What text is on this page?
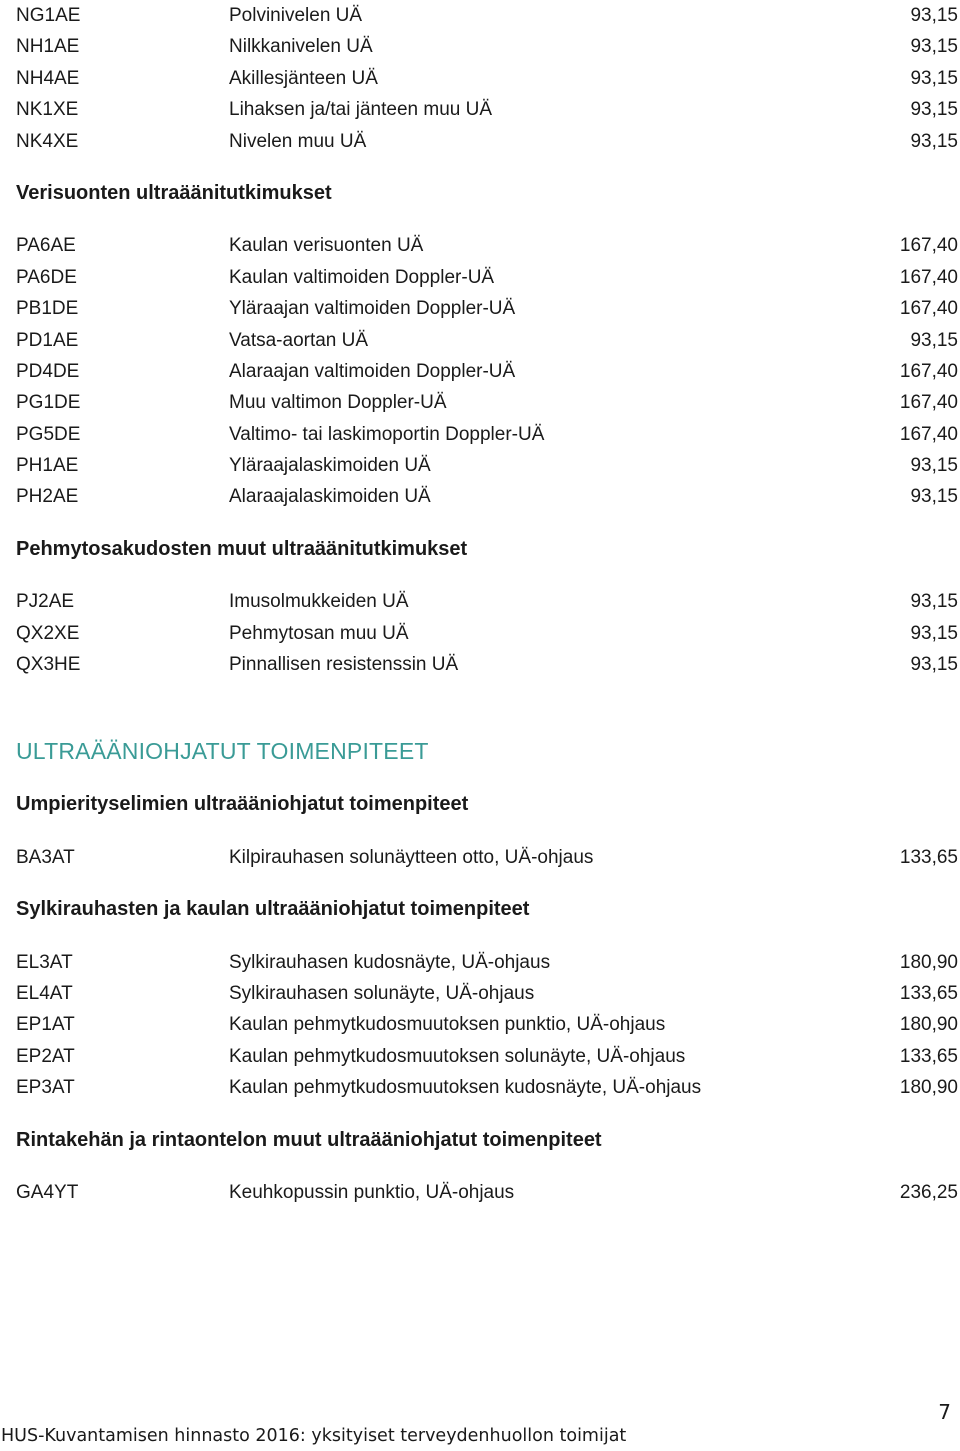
NG1AE	Polvinivelen UÄ	93,15
NH1AE	Nilkkanivelen UÄ	93,15
NH4AE	Akillesjänteen UÄ	93,15
NK1XE	Lihaksen ja/tai jänteen muu UÄ	93,15
NK4XE	Nivelen muu UÄ	93,15
Verisuonten ultraäänitutkimukset
PA6AE	Kaulan verisuonten UÄ	167,40
PA6DE	Kaulan valtimoiden Doppler-UÄ	167,40
PB1DE	Yläraajan valtimoiden Doppler-UÄ	167,40
PD1AE	Vatsa-aortan UÄ	93,15
PD4DE	Alaraajan valtimoiden Doppler-UÄ	167,40
PG1DE	Muu valtimon Doppler-UÄ	167,40
PG5DE	Valtimo- tai laskimoportin Doppler-UÄ	167,40
PH1AE	Yläraajalaskimoiden UÄ	93,15
PH2AE	Alaraajalaskimoiden UÄ	93,15
Pehmytosakudosten muut ultraäänitutkimukset
PJ2AE	Imusolmukkeiden UÄ	93,15
QX2XE	Pehmytosan muu UÄ	93,15
QX3HE	Pinnallisen resistenssin UÄ	93,15
ULTRAÄÄNIOHJATUT TOIMENPITEET
Umpierityselimien ultraääniohjatut toimenpiteet
BA3AT	Kilpirauhasen solunäytteen otto, UÄ-ohjaus	133,65
Sylkirauhasten ja kaulan ultraääniohjatut toimenpiteet
EL3AT	Sylkirauhasen kudosnäyte, UÄ-ohjaus	180,90
EL4AT	Sylkirauhasen solunäyte, UÄ-ohjaus	133,65
EP1AT	Kaulan pehmytkudosmuutoksen punktio, UÄ-ohjaus	180,90
EP2AT	Kaulan pehmytkudosmuutoksen solunäyte, UÄ-ohjaus	133,65
EP3AT	Kaulan pehmytkudosmuutoksen kudosnäyte, UÄ-ohjaus	180,90
Rintakehän ja rintaontelon muut ultraääniohjatut toimenpiteet
GA4YT	Keuhkopussin punktio, UÄ-ohjaus	236,25
7
HUS-Kuvantamisen hinnasto 2016: yksityiset terveydenhuollon toimijat
